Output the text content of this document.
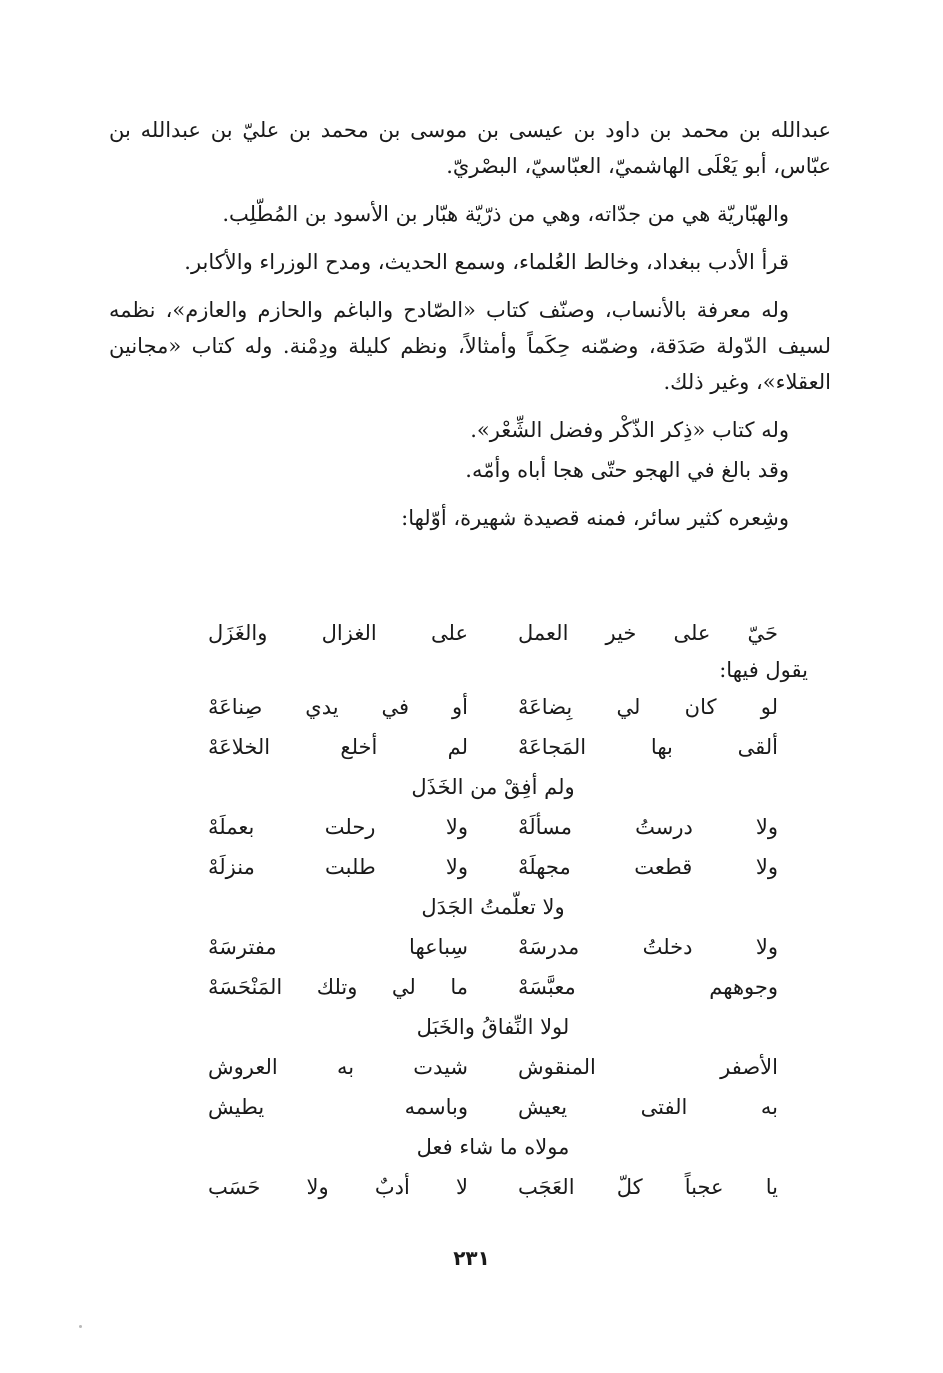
عبدالله بن محمد بن داود بن عيسى بن موسى بن محمد بن عليّ بن عبدالله بن عبّاس، أبو يَعْلَى الهاشميّ، العبّاسيّ، البصْريّ.

والهبّاريّة هي من جدّاته، وهي من ذرّيّة هبّار بن الأسود بن المُطّلِب.

قرأ الأدب ببغداد، وخالط العُلماء، وسمع الحديث، ومدح الوزراء والأكابر.

وله معرفة بالأنساب، وصنّف كتاب «الصّادح والباغم والحازم والعازم»، نظمه لسيف الدّولة صَدَقة، وضمّنه حِكَماً وأمثالاً، ونظم كليلة ودِمْنة. وله كتاب «مجانين العقلاء»، وغير ذلك.

وله كتاب «ذِكر الذّكْر وفضل الشِّعْر».

وقد بالغ في الهجو حتّى هجا أباه وأمّه.

وشِعره كثير سائر، فمنه قصيدة شهيرة، أوّلها:

حَيّ على خير العمل
على الغزال والغَزَل
يقول فيها:
لو كان لي بِضاعَهْ
أو في يدي صِناعَهْ
ألقى بها المَجاعَهْ
لم أخلع الخلاعَهْ
ولم أفِقْ من الخَذَل
ولا درستُ مسألَهْ
ولا رحلت بعملَهْ
ولا قطعت مجهلَهْ
ولا طلبت منزلَهْ
ولا تعلّمتُ الجَدَل
ولا دخلتُ مدرسَهْ
سِباعها مفترسَهْ
وجوههم معبَّسَهْ
ما لي وتلك المَنْحَسَهْ
لولا النِّفاقُ والخَبَل
الأصفر المنقوش
شيدت به العروش
به الفتى يعيش
وباسمه يطيش
مولاه ما شاء فعل
يا عجباً كلّ العَجَب
لا أدبٌ ولا حَسَب
٢٣١
